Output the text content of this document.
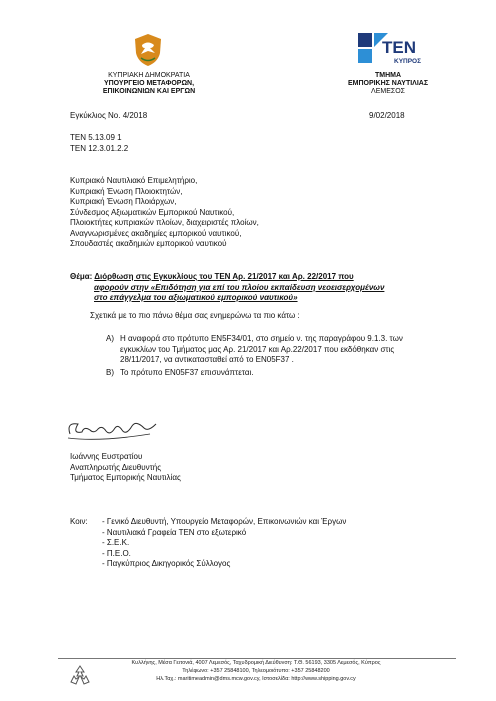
ΤΕΝ
ΚΥΠΡΟΣ
ΚΥΠΡΙΑΚΗ ΔΗΜΟΚΡΑΤΙΑ
ΥΠΟΥΡΓΕΙΟ ΜΕΤΑΦΟΡΩΝ,
ΕΠΙΚΟΙΝΩΝΙΩΝ ΚΑΙ ΕΡΓΩΝ
ΤΜΗΜΑ
ΕΜΠΟΡΙΚΗΣ ΝΑΥΤΙΛΙΑΣ
ΛΕΜΕΣΟΣ
Εγκύκλιος Νο. 4/2018	9/02/2018
ΤΕΝ 5.13.09 1
ΤΕΝ 12.3.01.2.2
Κυπριακό Ναυτιλιακό Επιμελητήριο,
Κυπριακή Ένωση Πλοιοκτητών,
Κυπριακή Ένωση Πλοιάρχων,
Σύνδεσμος Αξιωματικών Εμπορικού Ναυτικού,
Πλοιοκτήτες κυπριακών πλοίων, διαχειριστές πλοίων,
Αναγνωρισμένες ακαδημίες εμπορικού ναυτικού,
Σπουδαστές ακαδημιών εμπορικού ναυτικού
Θέμα: Διόρθωση στις Εγκυκλίους του ΤΕΝ Αρ. 21/2017 και Αρ. 22/2017 που
αφορούν στην «Επιδότηση για επί του πλοίου εκπαίδευση νεοεισερχομένων
στο επάγγελμα του αξιωματικού εμπορικού ναυτικού»
Σχετικά με το πιο πάνω θέμα σας ενημερώνω τα πιο κάτω :
A) Η αναφορά στο πρότυπο EN5F34/01, στο σημείο ν. της παραγράφου 9.1.3. των
εγκυκλίων του Τμήματος μας Αρ. 21/2017 και Αρ.22/2017 που εκδόθηκαν στις
28/11/2017, να αντικατασταθεί από το EN05F37 .
B) Το πρότυπο EN05F37 επισυνάπτεται.
Ιωάννης Ευστρατίου
Αναπληρωτής Διευθυντής
Τμήματος Εμπορικής Ναυτιλίας
Κοιν: - Γενικό Διευθυντή, Υπουργείο Μεταφορών, Επικοινωνιών και Έργων
- Ναυτιλιακά Γραφεία ΤΕΝ στο εξωτερικό
- Σ.Ε.Κ.
- Π.Ε.Ο.
- Παγκύπριος Δικηγορικός Σύλλογος
Κυλλήνης, Μέσα Γειτονιά, 4007 Λεμεσός, Ταχυδρομική Διεύθυνση: Τ.Θ. 56193, 3305 Λεμεσός, Κύπρος
Τηλέφωνο: +357 25848100, Τηλεομοιότυπο: +357 25848200
Ηλ.Ταχ.: maritimeadmin@dms.mcw.gov.cy, Ιστοσελίδα: http://www.shipping.gov.cy
